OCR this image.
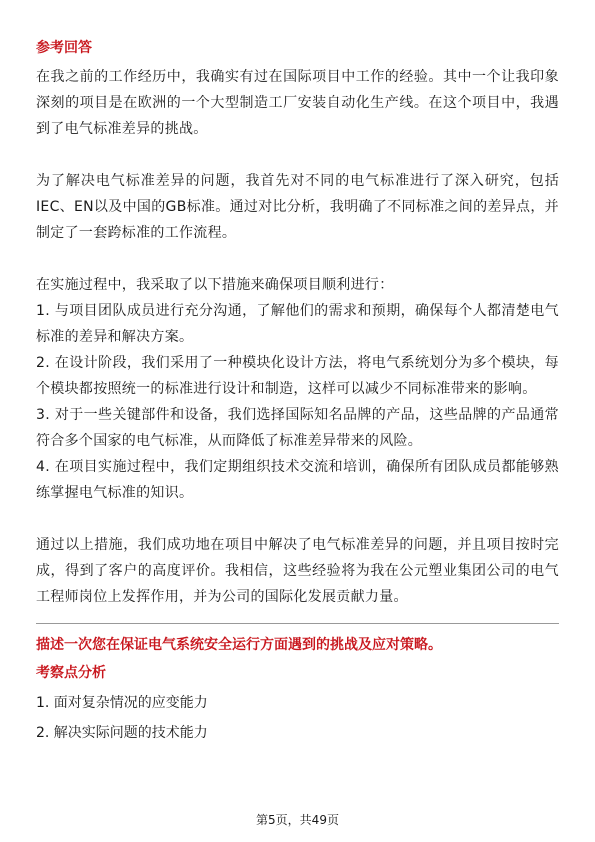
参考回答

在我之前的工作经历中，我确实有过在国际项目中工作的经验。其中一个让我印象深刻的项目是在欧洲的一个大型制造工厂安装自动化生产线。在这个项目中，我遇到了电气标准差异的挑战。

为了解决电气标准差异的问题，我首先对不同的电气标准进行了深入研究，包括IEC、EN以及中国的GB标准。通过对比分析，我明确了不同标准之间的差异点，并制定了一套跨标准的工作流程。

在实施过程中，我采取了以下措施来确保项目顺利进行：

1. 与项目团队成员进行充分沟通，了解他们的需求和预期，确保每个人都清楚电气标准的差异和解决方案。

2. 在设计阶段，我们采用了一种模块化设计方法，将电气系统划分为多个模块，每个模块都按照统一的标准进行设计和制造，这样可以减少不同标准带来的影响。

3. 对于一些关键部件和设备，我们选择国际知名品牌的产品，这些品牌的产品通常符合多个国家的电气标准，从而降低了标准差异带来的风险。

4. 在项目实施过程中，我们定期组织技术交流和培训，确保所有团队成员都能够熟练掌握电气标准的知识。

通过以上措施，我们成功地在项目中解决了电气标准差异的问题，并且项目按时完成，得到了客户的高度评价。我相信，这些经验将为我在公元塑业集团公司的电气工程师岗位上发挥作用，并为公司的国际化发展贡献力量。

描述一次您在保证电气系统安全运行方面遇到的挑战及应对策略。

考察点分析

1. 面对复杂情况的应变能力

2. 解决实际问题的技术能力

第5页，共49页
